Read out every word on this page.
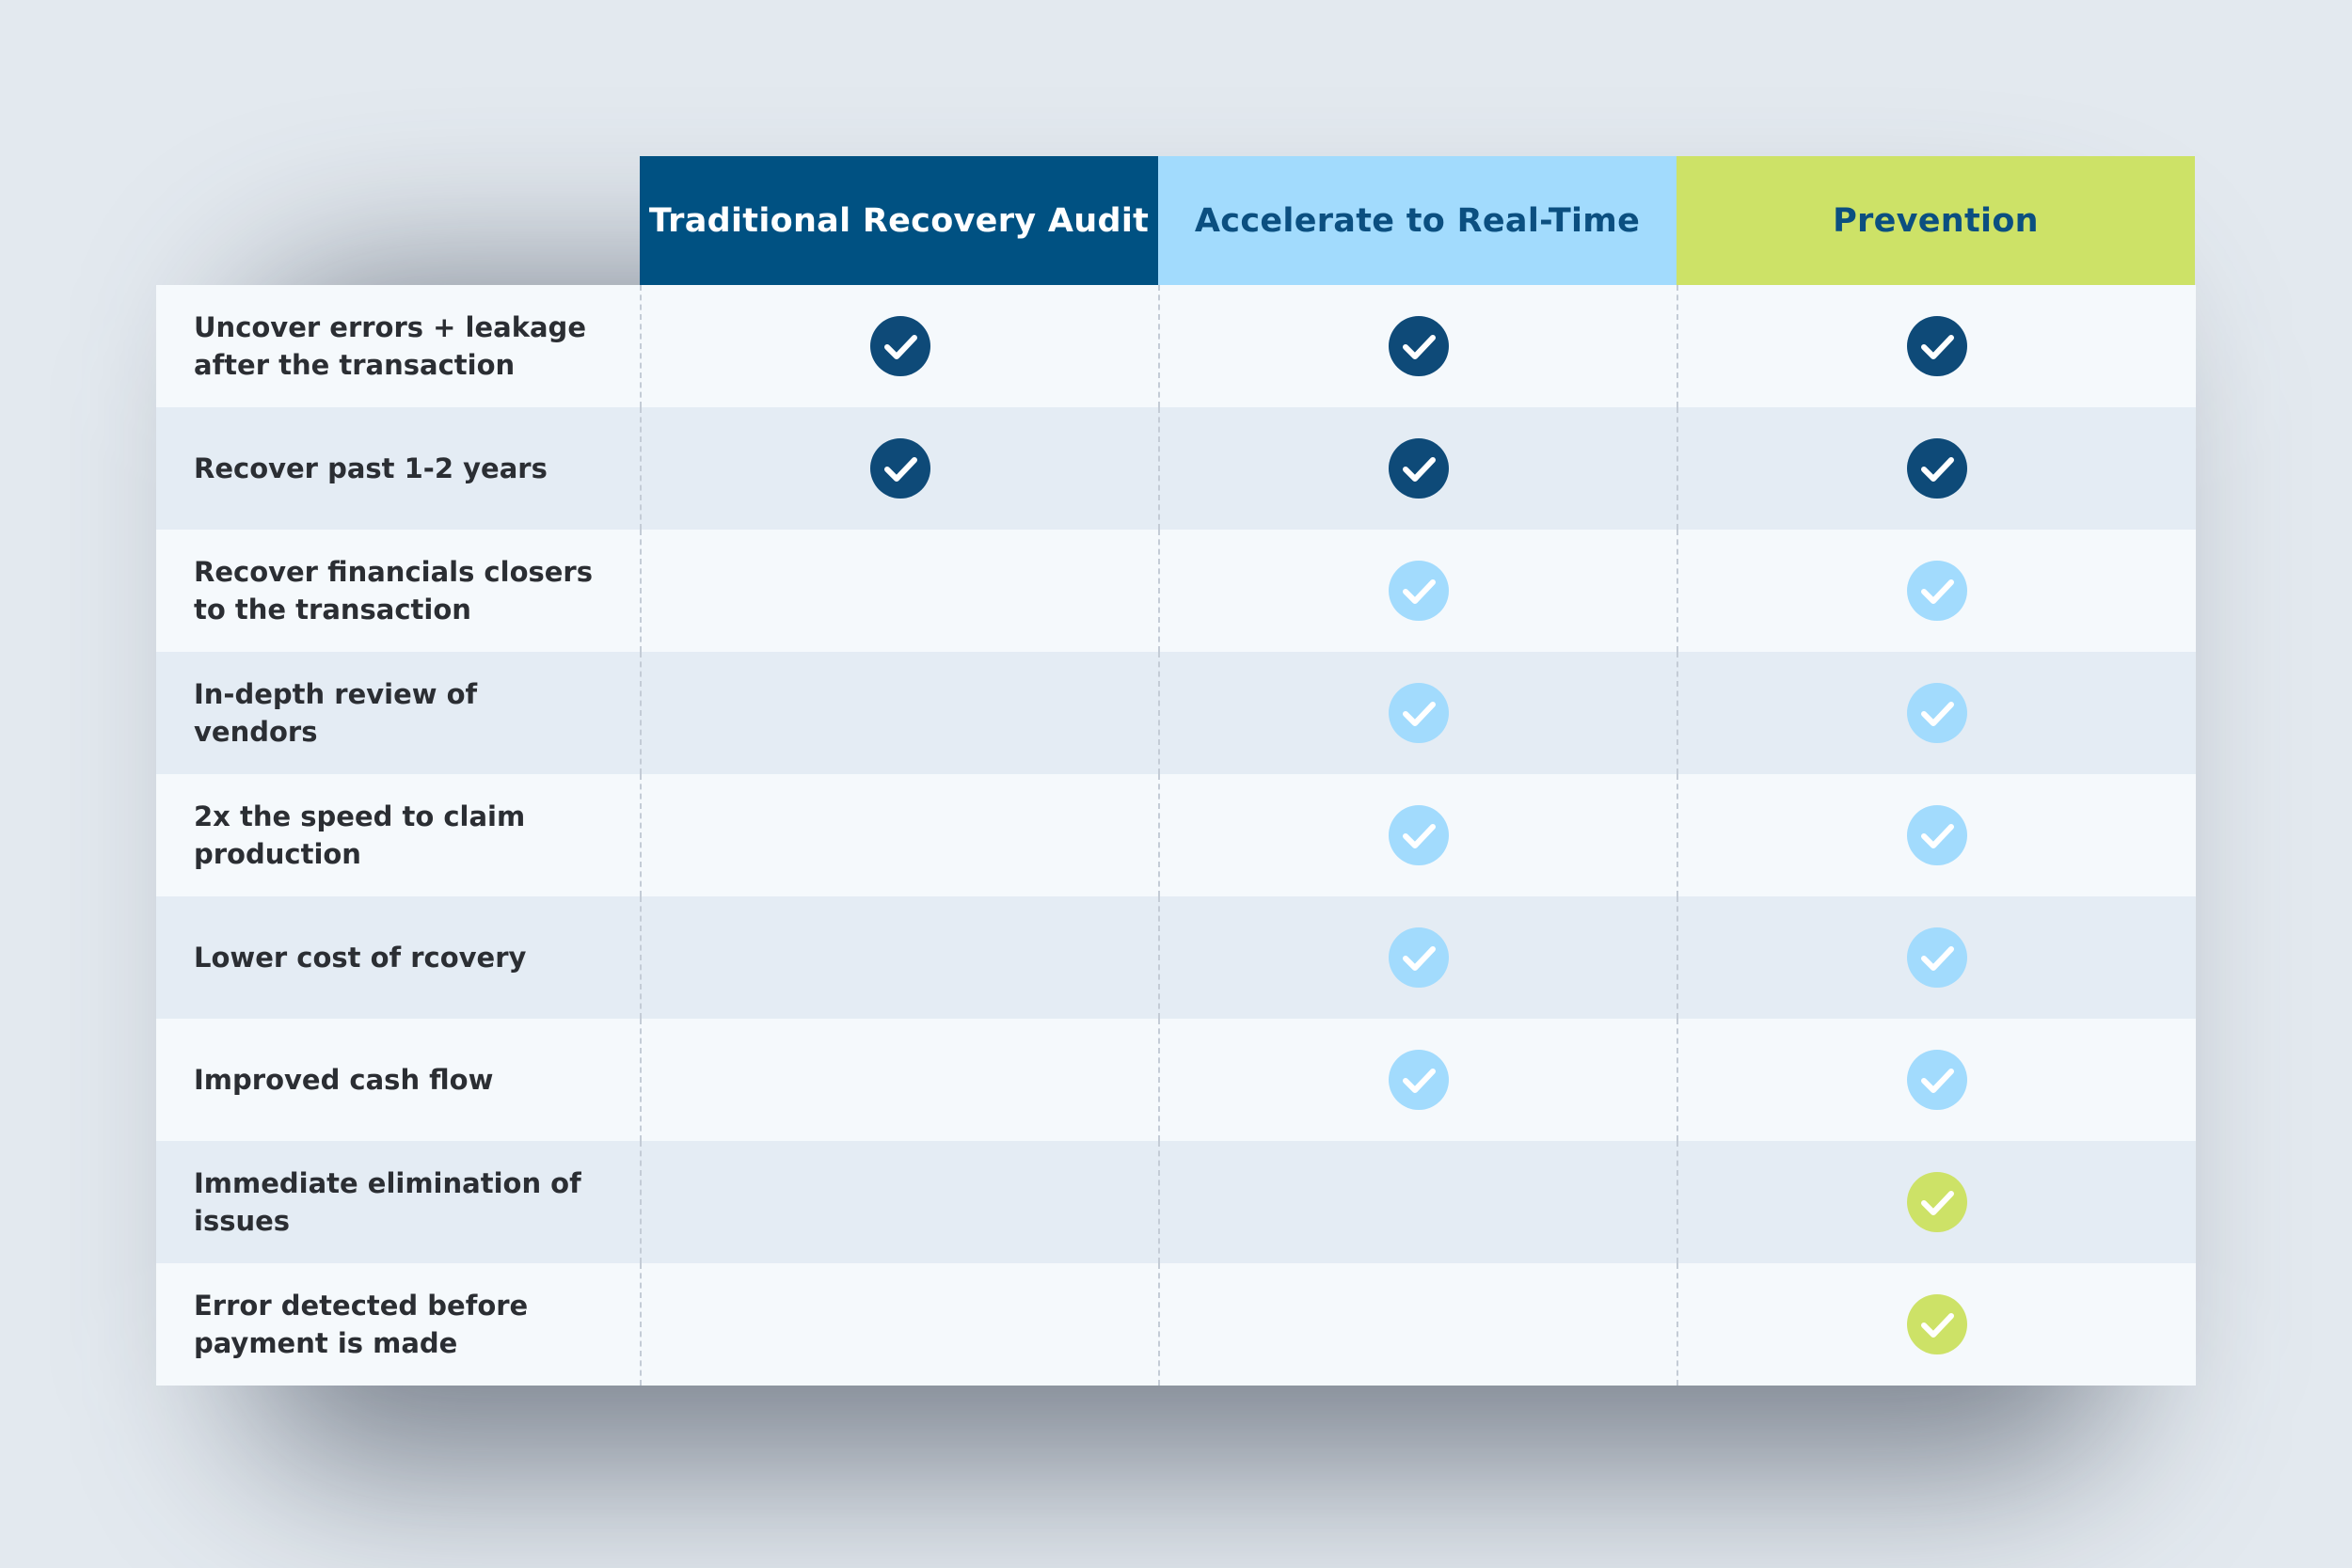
Traditional Recovery Audit	Accelerate to Real-Time	Prevention
Uncover errors + leakage after the transaction
Recover past 1-2 years
Recover financials closers to the transaction
In-depth review of vendors
2x the speed to claim production
Lower cost of rcovery
Improved cash flow
Immediate elimination of issues
Error detected before payment is made
